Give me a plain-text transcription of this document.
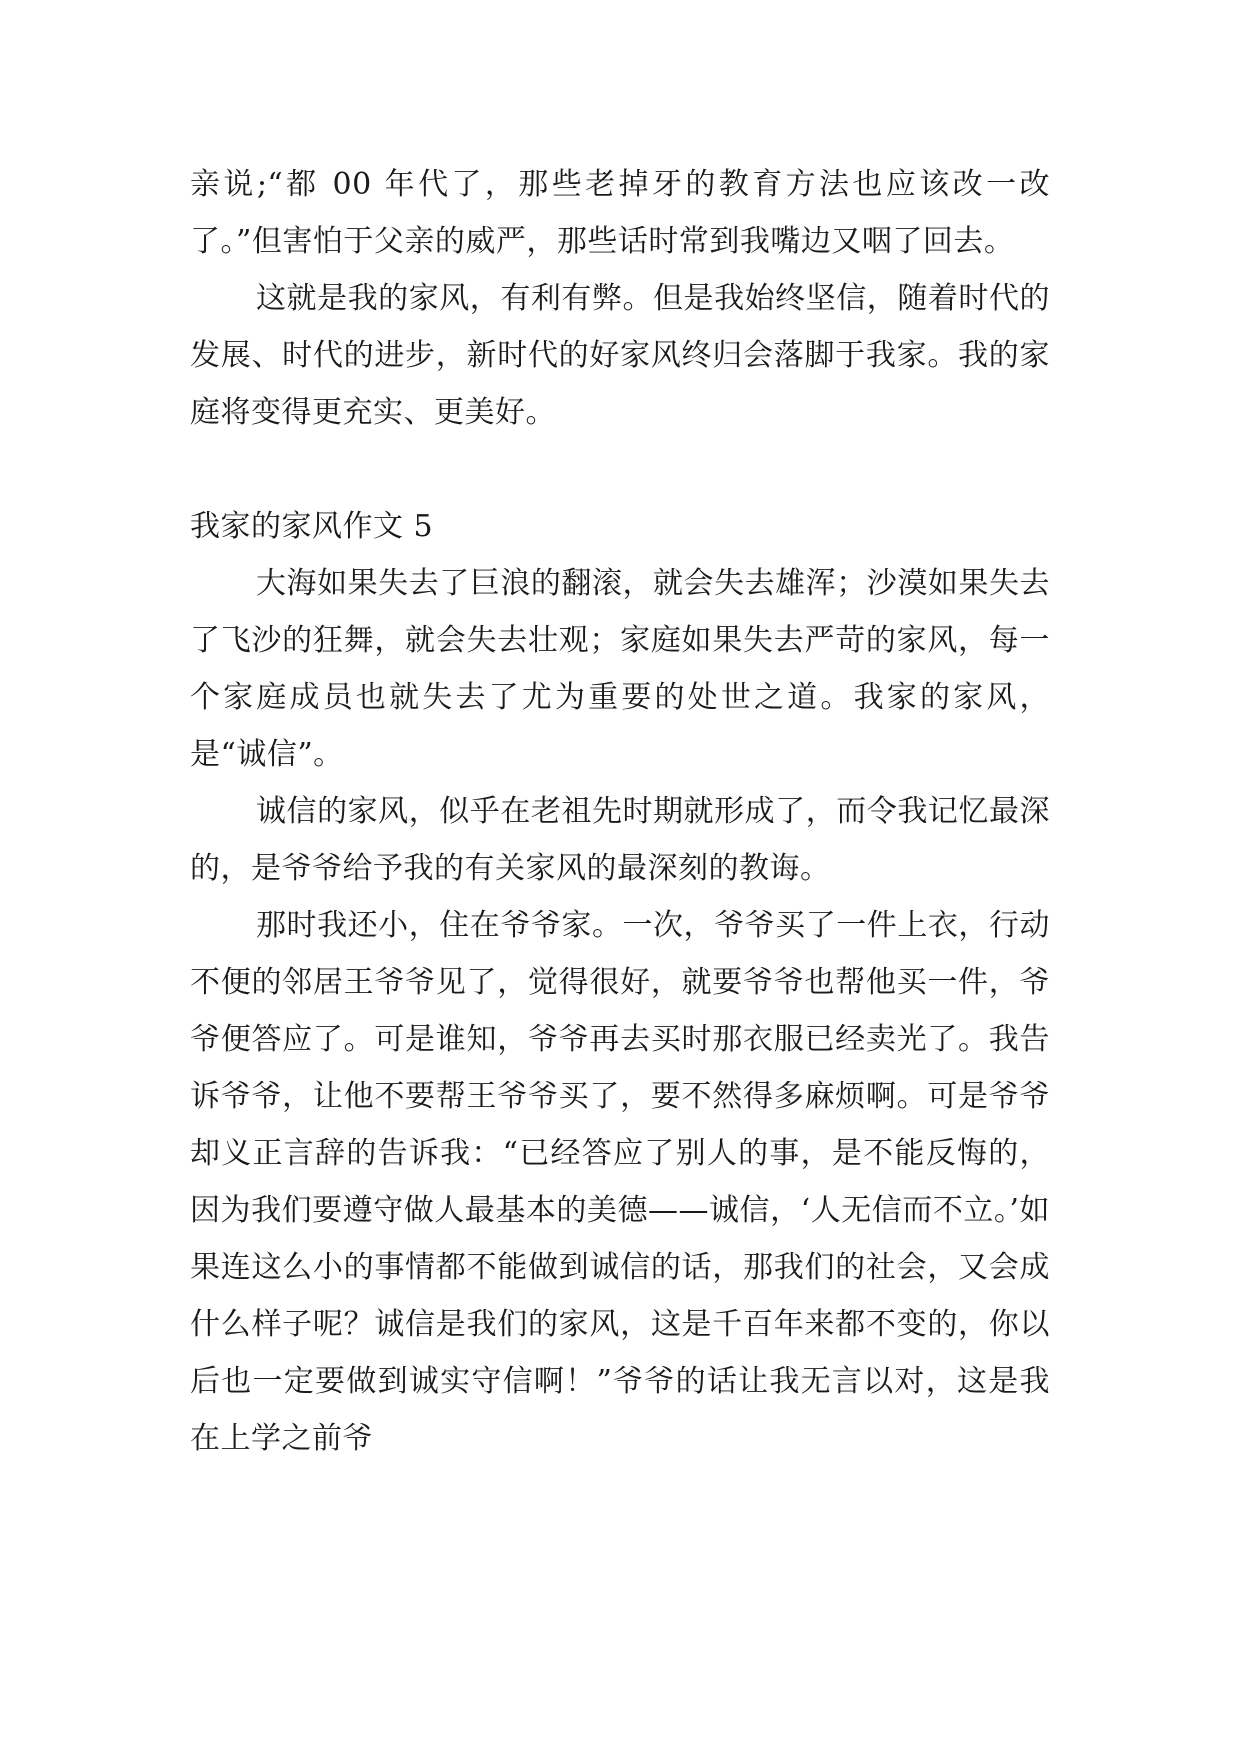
亲说;“都 00 年代了，那些老掉牙的教育方法也应该改一改了。”但害怕于父亲的威严，那些话时常到我嘴边又咽了回去。

这就是我的家风，有利有弊。但是我始终坚信，随着时代的发展、时代的进步，新时代的好家风终归会落脚于我家。我的家庭将变得更充实、更美好。

我家的家风作文 5

大海如果失去了巨浪的翻滚，就会失去雄浑；沙漠如果失去了飞沙的狂舞，就会失去壮观；家庭如果失去严苛的家风，每一个家庭成员也就失去了尤为重要的处世之道。我家的家风，是“诚信”。

诚信的家风，似乎在老祖先时期就形成了，而令我记忆最深的，是爷爷给予我的有关家风的最深刻的教诲。

那时我还小，住在爷爷家。一次，爷爷买了一件上衣，行动不便的邻居王爷爷见了，觉得很好，就要爷爷也帮他买一件，爷爷便答应了。可是谁知，爷爷再去买时那衣服已经卖光了。我告诉爷爷，让他不要帮王爷爷买了，要不然得多麻烦啊。可是爷爷却义正言辞的告诉我：“已经答应了别人的事，是不能反悔的，因为我们要遵守做人最基本的美德——诚信，‘人无信而不立。’如果连这么小的事情都不能做到诚信的话，那我们的社会，又会成什么样子呢？诚信是我们的家风，这是千百年来都不变的，你以后也一定要做到诚实守信啊！”爷爷的话让我无言以对，这是我在上学之前爷
